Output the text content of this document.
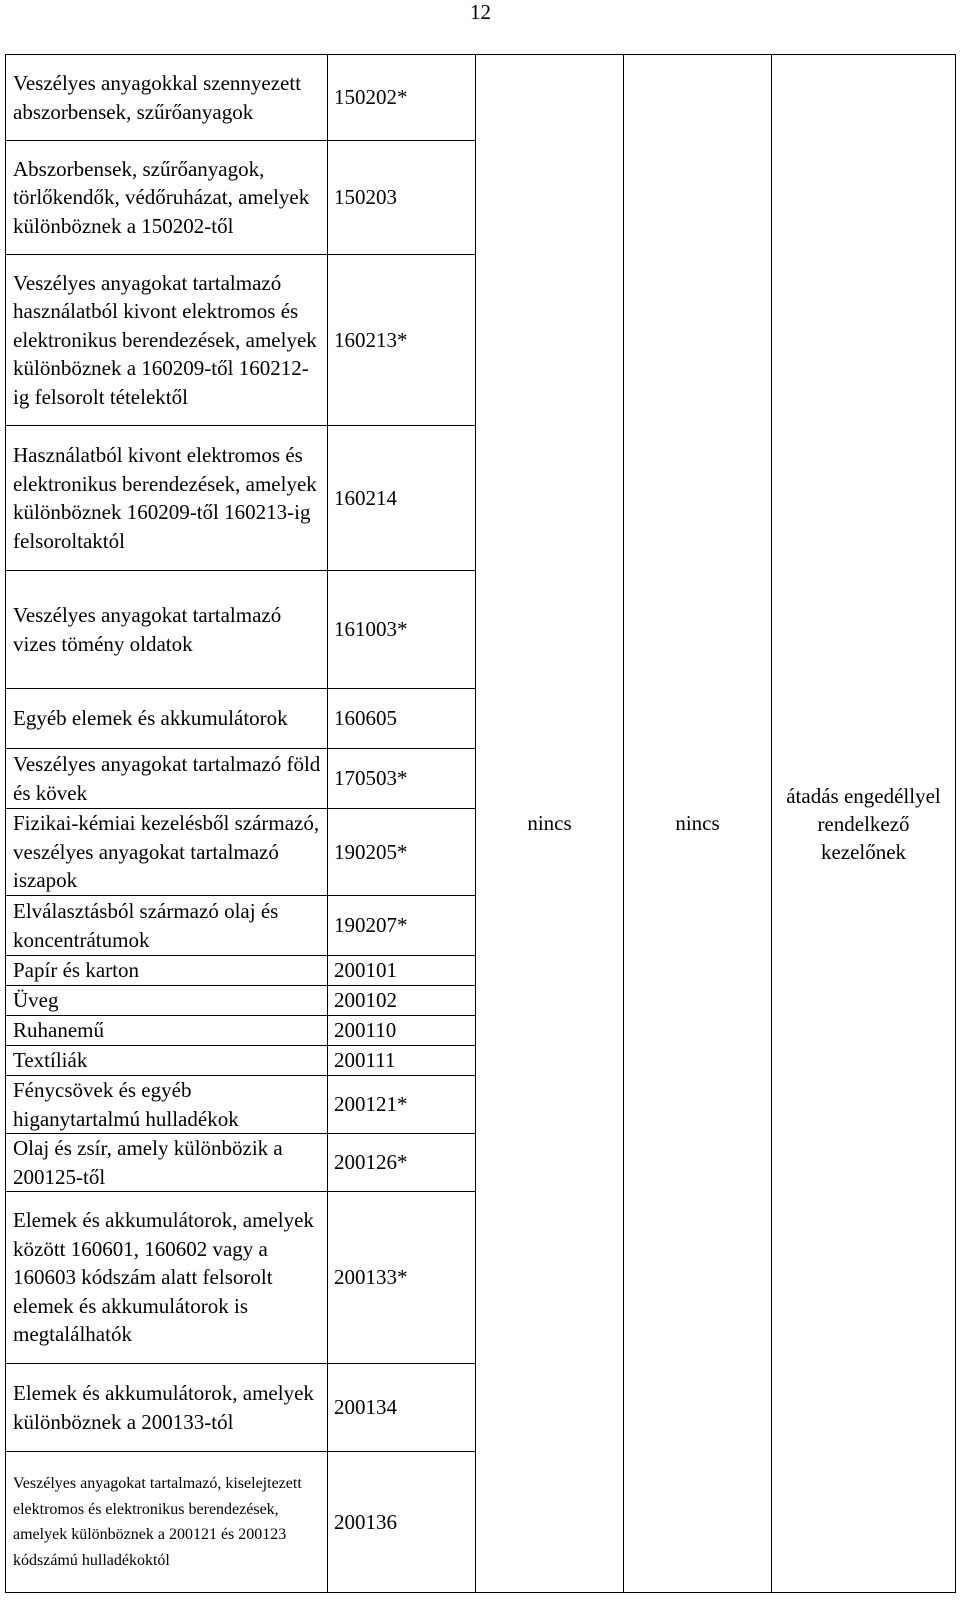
12
Veszélyes anyagokkal szennyezett abszorbensek, szűrőanyagok	150202*	nincs	nincs	átadás engedéllyel rendelkező kezelőnek
Abszorbensek, szűrőanyagok, törlőkendők, védőruházat, amelyek különböznek a 150202-től	150203			
Veszélyes anyagokat tartalmazó használatból kivont elektromos és elektronikus berendezések, amelyek különböznek a 160209-től 160212-ig felsorolt tételektől	160213*			
Használatból kivont elektromos és elektronikus berendezések, amelyek különböznek 160209-től 160213-ig felsoroltaktól	160214			
Veszélyes anyagokat tartalmazó vizes tömény oldatok	161003*			
Egyéb elemek és akkumulátorok	160605			
Veszélyes anyagokat tartalmazó föld és kövek	170503*			
Fizikai-kémiai kezelésből származó, veszélyes anyagokat tartalmazó iszapok	190205*			
Elválasztásból származó olaj és koncentrátumok	190207*			
Papír és karton	200101			
Üveg	200102			
Ruhanemű	200110			
Textíliák	200111			
Fénycsövek és egyéb higanytartalmú hulladékok	200121*			
Olaj és zsír, amely különbözik a 200125-től	200126*			
Elemek és akkumulátorok, amelyek között 160601, 160602 vagy a 160603 kódszám alatt felsorolt elemek és akkumulátorok is megtalálhatók	200133*			
Elemek és akkumulátorok, amelyek különböznek a 200133-tól	200134			
Veszélyes anyagokat tartalmazó, kiselejtezett elektromos és elektronikus berendezések, amelyek különböznek a 200121 és 200123 kódszámú hulladékoktól	200136			
